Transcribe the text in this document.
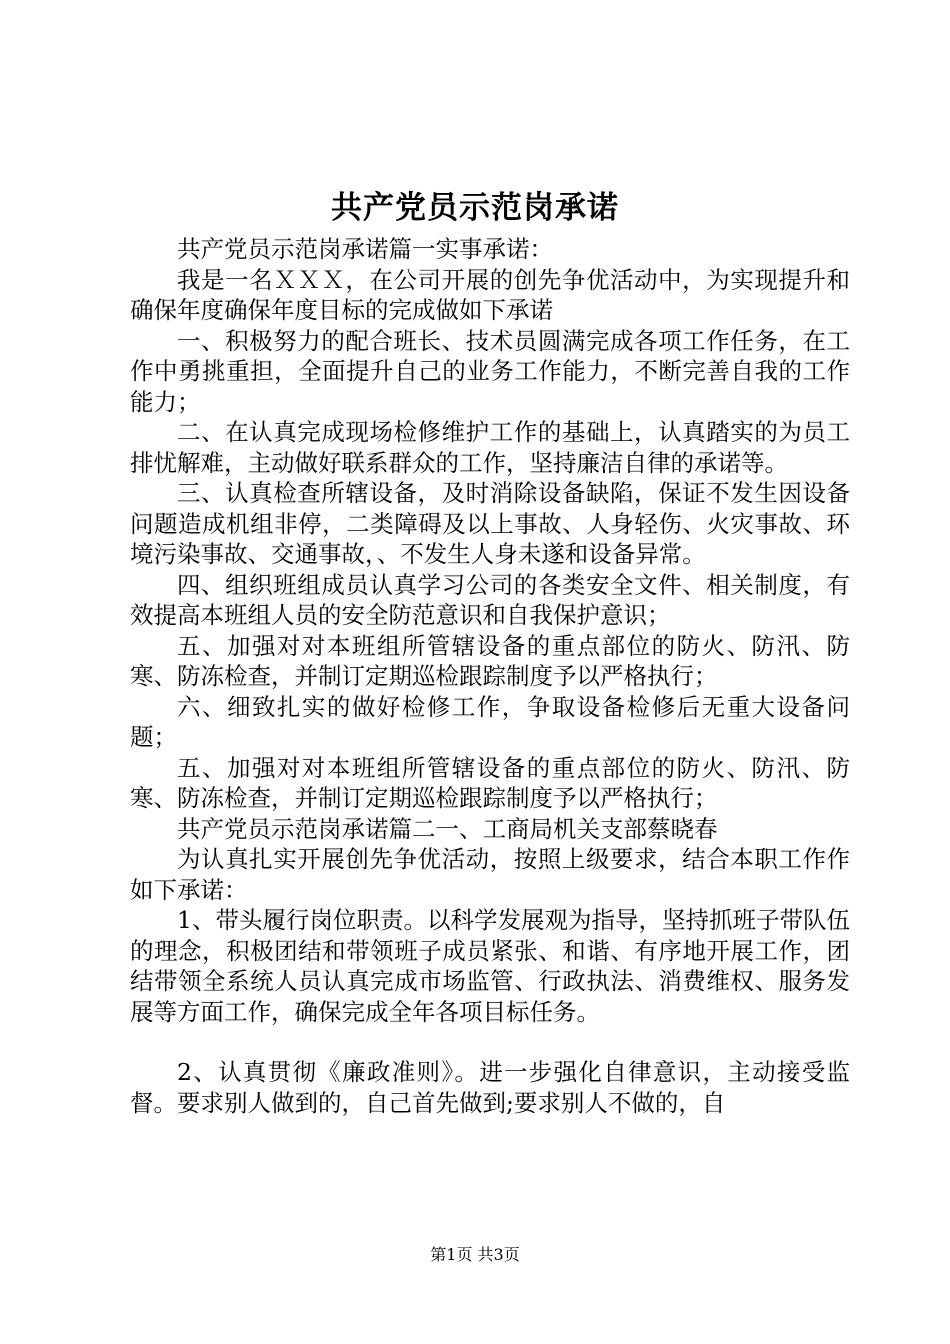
共产党员示范岗承诺

共产党员示范岗承诺篇一实事承诺：

我是一名ＸＸＸ，在公司开展的创先争优活动中，为实现提升和确保年度确保年度目标的完成做如下承诺

一、积极努力的配合班长、技术员圆满完成各项工作任务，在工作中勇挑重担，全面提升自己的业务工作能力，不断完善自我的工作能力；

二、在认真完成现场检修维护工作的基础上，认真踏实的为员工排忧解难，主动做好联系群众的工作，坚持廉洁自律的承诺等。

三、认真检查所辖设备，及时消除设备缺陷，保证不发生因设备问题造成机组非停，二类障碍及以上事故、人身轻伤、火灾事故、环境污染事故、交通事故，、不发生人身未遂和设备异常。

四、组织班组成员认真学习公司的各类安全文件、相关制度，有效提高本班组人员的安全防范意识和自我保护意识；

五、加强对对本班组所管辖设备的重点部位的防火、防汛、防寒、防冻检查，并制订定期巡检跟踪制度予以严格执行；

六、细致扎实的做好检修工作，争取设备检修后无重大设备问题；

五、加强对对本班组所管辖设备的重点部位的防火、防汛、防寒、防冻检查，并制订定期巡检跟踪制度予以严格执行；

共产党员示范岗承诺篇二一、工商局机关支部蔡晓春

为认真扎实开展创先争优活动，按照上级要求，结合本职工作作如下承诺：

1、带头履行岗位职责。以科学发展观为指导，坚持抓班子带队伍的理念，积极团结和带领班子成员紧张、和谐、有序地开展工作，团结带领全系统人员认真完成市场监管、行政执法、消费维权、服务发展等方面工作，确保完成全年各项目标任务。

2、认真贯彻《廉政准则》。进一步强化自律意识，主动接受监督。要求别人做到的，自己首先做到;要求别人不做的，自

第1页 共3页
